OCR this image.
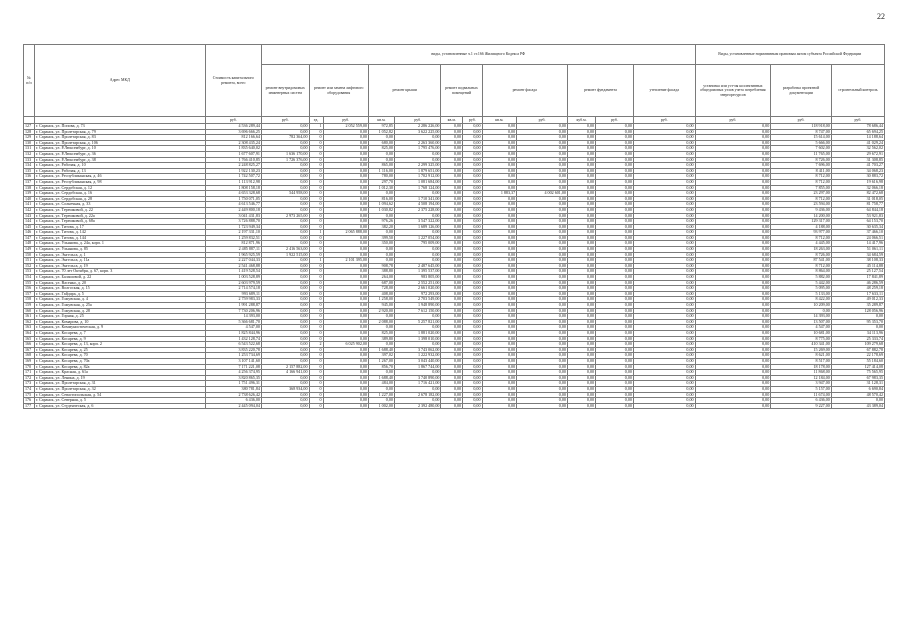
22
№ п/п	Адрес МКД	Стоимость капитального ремонта, всего	виды, установленные ч.1 ст.166 Жилищного Кодекса РФ												Виды, установленные нормативным правовым актом субъекта Российской Федерации		
			ремонт внутридомовых инженерных систем	ремонт или замена лифтового оборудования		ремонт крыши		ремонт подвальных помещений		ремонт фасада		ремонт фундамента		утепление фасада	установка или уст-ия коллективных общедомовых узлов учета потребления энергоресурсов	разработка проектной документации	строительный контроль
		руб.	руб.	ед.	руб.	кв.м.	руб.	кв.м.	руб.	кв.м.	руб.	куб.м.	руб.	руб.	руб.	руб.	руб.
127	г. Саранск, ул. Попова, д. 73	4 536 289,44	0,00	1	2 052 559,00	972,85	2 286 226,00	0,00	0,00	0,00	0,00	0,00	0,00	0,00	0,00	118 918,00	78 686,44
128	г. Саранск, ул. Пролетарская, д. 79	3 696 666,25	0,00	0	0,00	1 052,82	3 622 225,00	0,00	0,00	0,00	0,00	0,00	0,00	0,00	0,00	8 747,00	65 694,25
129	г. Саранск, ул. Пролетарская, д. 83	812 166,64	782 364,00	0	0,00	0,00	0,00	0,00	0,00	0,00	0,00	0,00	0,00	0,00	0,00	15 614,00	14 188,64
130	г. Саранск, ул. Пролетарская, д. 106	2 308 435,24	0,00	0	0,00	680,00	2 263 360,00	0,00	0,00	0,00	0,00	0,00	0,00	0,00	0,00	5 666,00	41 029,24
131	г. Саранск, ул. Р.Люксембург, д. 10	1 835 640,02	0,00	0	0,00	825,00	1 795 476,00	0,00	0,00	0,00	0,00	0,00	0,00	0,00	0,00	7 602,00	32 562,02
132	г. Саранск, ул. Р.Люксембург, д. 36	1 677 607,91	1 636 170,00	0	0,00	0,00	0,00	0,00	0,00	0,00	0,00	0,00	0,00	0,00	0,00	11 765,00	29 672,91
133	г. Саранск, ул. Р.Люксембург, д. 38	1 766 410,85	1 726 376,00	0	0,00	0,00	0,00	0,00	0,00	0,00	0,00	0,00	0,00	0,00	0,00	8 726,00	31 308,85
134	г. Саранск, ул. Рабочая, д. 10	2 248 825,27	0,00	0	0,00	865,00	2 299 325,00	0,00	0,00	0,00	0,00	0,00	0,00	0,00	0,00	7 696,00	41 703,27
135	г. Саранск, ул. Рабочая, д. 13	1 922 130,23	0,00	0	0,00	1 116,00	1 879 651,00	0,00	0,00	0,00	0,00	0,00	0,00	0,00	0,00	8 411,00	34 068,23
136	г. Саранск, ул. Республиканская, д. 46	1 742 507,72	0,00	0	0,00	780,00	1 702 912,00	0,00	0,00	0,00	0,00	0,00	0,00	0,00	0,00	8 712,00	30 883,72
137	г. Саранск, ул. Республиканская, д. 98	1 113 912,98	0,00	0	0,00	297,70	1 081 684,00	0,00	0,00	0,00	0,00	0,00	0,00	0,00	0,00	8 712,00	19 616,98
138	г. Саранск, ул. Сердобская, д. 12	1 808 158,18	0,00	0	0,00	1 012,30	1 768 124,00	0,00	0,00	0,00	0,00	0,00	0,00	0,00	0,00	7 855,00	32 066,18
139	г. Саранск, ул. Сердобская, д. 16	4 653 328,68	544 958,00	0	0,00	0,00	0,00	0,00	0,00	1 883,37	4 002 601,00	0,00	0,00	0,00	0,00	23 297,00	82 472,68
140	г. Саранск, ул. Сердобская, д. 28	1 750 071,05	0,00	0	0,00	816,00	1 710 341,00	0,00	0,00	0,00	0,00	0,00	0,00	0,00	0,00	8 712,00	31 018,05
141	г. Саранск, ул. Солнечная, д. 33	4 613 546,77	0,00	0	0,00	1 094,62	4 508 194,00	0,00	0,00	0,00	0,00	0,00	0,00	0,00	0,00	23 594,00	81 758,77
142	г. Саранск, ул. Терешковой, д. 22	2 449 800,18	0,00	0	0,00	1 030,82	2 375 228,00	0,00	0,00	0,00	0,00	0,00	0,00	0,00	0,00	9 436,00	64 844,18
143	г. Саранск, ул. Терешковой, д. 22а	3 041 431,83	2 973 265,00	0	0,00	0,00	0,00	0,00	0,00	0,00	0,00	0,00	0,00	0,00	0,00	14 200,00	53 921,83
144	г. Саранск, ул. Терешковой, д. 68а	3 726 888,70	0,00	0	0,00	976,26	3 547 322,00	0,00	0,00	0,00	0,00	0,00	0,00	0,00	0,00	129 317,00	64 153,70
145	г. Саранск, ул. Титова, д. 17	1 723 949,34	0,00	0	0,00	382,20	1 689 126,00	0,00	0,00	0,00	0,00	0,00	0,00	0,00	0,00	4 188,00	30 635,34
146	г. Саранск, ул. Титова, д. 142	2 197 331,10	0,00	1	2 065 888,00	0,00	0,00	0,00	0,00	0,00	0,00	0,00	0,00	0,00	0,00	93 977,00	37 466,10
147	г. Саранск, ул. Титова, д. 144	1 259 832,51	0,00	0	0,00	399,50	1 227 054,00	0,00	0,00	0,00	0,00	0,00	0,00	0,00	0,00	8 712,00	24 066,51
148	г. Саранск, ул. Ульянова, д. 24а, корп. 1	812 871,96	0,00	0	0,00	350,00	795 009,00	0,00	0,00	0,00	0,00	0,00	0,00	0,00	0,00	4 445,00	14 417,96
149	г. Саранск, ул. Ульянова, д. 85	2 485 887,11	2 416 563,00	0	0,00	0,00	0,00	0,00	0,00	0,00	0,00	0,00	0,00	0,00	0,00	18 263,00	51 061,11
150	г. Саранск, ул. Энгельса, д. 1	1 965 925,59	1 922 515,00	0	0,00	0,00	0,00	0,00	0,00	0,00	0,00	0,00	0,00	0,00	0,00	8 726,00	34 684,59
151	г. Саранск, ул. Энгельса, д. 11а	2 227 044,33	0,00	1	2 101 395,00	0,00	0,00	0,00	0,00	0,00	0,00	0,00	0,00	0,00	0,00	87 541,00	38 108,33
152	г. Саранск, ул. Энгельса, д. 19	2 541 468,88	0,00	0	0,00	908,78	2 487 645,00	0,00	0,00	0,00	0,00	0,00	0,00	0,00	0,00	8 712,00	45 114,88
153	г. Саранск, ул. 70 лет Октября, д. 67, корп. 3	1 419 528,54	0,00	0	0,00	388,80	1 395 537,00	0,00	0,00	0,00	0,00	0,00	0,00	0,00	0,00	8 864,00	25 127,54
154	г. Саранск, ул. Балашовой, д. 22	1 003 528,89	0,00	0	0,00	264,00	983 805,00	0,00	0,00	0,00	0,00	0,00	0,00	0,00	0,00	5 882,00	17 841,89
155	г. Саранск, ул. Васенко, д. 20	2 603 979,59	0,00	0	0,00	687,00	2 552 251,00	0,00	0,00	0,00	0,00	0,00	0,00	0,00	0,00	5 442,00	46 286,59
156	г. Саранск, ул. Волгоская, д. 15	2 714 574,18	0,00	0	0,00	728,00	2 661 020,00	0,00	0,00	0,00	0,00	0,00	0,00	0,00	0,00	5 095,00	48 259,18
157	г. Саранск, ул. Гайдара, д. 5	993 689,11	0,00	0	0,00	408,00	972 293,00	0,00	0,00	0,00	0,00	0,00	0,00	0,00	0,00	5 133,00	17 633,11
158	г. Саранск, ул. Гожувская, д. 4	2 759 983,33	0,00	0	0,00	1 258,00	2 703 549,00	0,00	0,00	0,00	0,00	0,00	0,00	0,00	0,00	8 422,00	49 012,33
159	г. Саранск, ул. Гожувская, д. 25а	1 991 288,87	0,00	0	0,00	945,00	1 948 890,00	0,00	0,00	0,00	0,00	0,00	0,00	0,00	0,00	10 209,00	35 289,87
160	г. Саранск, ул. Гожувская, д. 28	7 730 206,96	0,00	0	0,00	2 920,00	7 612 150,00	0,00	0,00	0,00	0,00	0,00	0,00	0,00	0,00	0,00	128 056,96
161	г. Саранск, ул. Горная, д. 25	14 393,00	0,00	0	0,00	0,00	0,00	0,00	0,00	0,00	0,00	0,00	0,00	0,00	0,00	14 393,00	0,00
162	г. Саранск, ул. Комарова, д. 10	5 366 681,70	0,00	0	0,00	2 088,00	5 257 821,00	0,00	0,00	0,00	0,00	0,00	0,00	0,00	0,00	13 507,00	95 353,70
163	г. Саранск, ул. Коммунистическая, д. 9	4 547,00	0,00	0	0,00	0,00	0,00	0,00	0,00	0,00	0,00	0,00	0,00	0,00	0,00	4 547,00	0,00
164	г. Саранск, ул. Косарева, д. 7	1 825 844,96	0,00	0	0,00	825,00	1 881 020,00	0,00	0,00	0,00	0,00	0,00	0,00	0,00	0,00	10 681,00	34 113,96
165	г. Саранск, ул. Косарева, д. 9	1 432 128,74	0,00	0	0,00	389,80	1 398 010,00	0,00	0,00	0,00	0,00	0,00	0,00	0,00	0,00	8 775,00	25 333,74
166	г. Саранск, ул. Косарева, д. 13, корп. 2	6 543 522,68	0,00	2	6 025 902,00	0,00	0,00	0,00	0,00	0,00	0,00	0,00	0,00	0,00	0,00	410 341,00	109 279,68
167	г. Саранск, ул. Косарева, д. 25	3 835 220,78	0,00	0	0,00	1 688,40	3 743 062,00	0,00	0,00	0,00	0,00	0,00	0,00	0,00	0,00	15 269,00	67 882,78
168	г. Саранск, ул. Косарева, д. 70	1 253 734,69	0,00	0	0,00	397,02	1 222 932,00	0,00	0,00	0,00	0,00	0,00	0,00	0,00	0,00	8 621,00	22 178,69
169	г. Саранск, ул. Косарева, д. 70а	3 107 141,60	0,00	0	0,00	1 267,00	3 043 440,00	0,00	0,00	0,00	0,00	0,00	0,00	0,00	0,00	8 517,00	55 184,60
170	г. Саранск, ул. Косарева, д. 82а	7 171 221,08	2 157 882,00	0	0,00	856,70	1 867 744,00	0,00	0,00	0,00	0,00	0,00	0,00	0,00	0,00	18 178,00	127 414,08
171	г. Саранск, ул. Красная, д. 61а	4 256 374,95	4 166 941,00	0	0,00	0,00	0,00	0,00	0,00	0,00	0,00	0,00	0,00	0,00	0,00	11 868,00	75 565,95
172	г. Саранск, ул. Ленина, д. 19	3 820 865,35	0,00	0	0,00	1 688,40	3 740 890,00	0,00	0,00	0,00	0,00	0,00	0,00	0,00	0,00	12 184,00	67 983,35
173	г. Саранск, ул. Пролетарская, д. 31	1 751 496,31	0,00	0	0,00	484,00	1 716 421,00	0,00	0,00	0,00	0,00	0,00	0,00	0,00	0,00	3 947,00	31 128,31
174	г. Саранск, ул. Пролетарская, д. 32	380 781,84	368 934,00	0	0,00	0,00	0,00	0,00	0,00	0,00	0,00	0,00	0,00	0,00	0,00	5 157,00	6 690,84
175	г. Саранск, ул. Севастопольская, д. 54	2 738 626,42	0,00	0	0,00	1 227,00	2 678 182,00	0,00	0,00	0,00	0,00	0,00	0,00	0,00	0,00	11 674,00	48 570,42
176	г. Саранск, ул. Северная, д. 5	6 436,00	0,00	0	0,00	0,00	0,00	0,00	0,00	0,00	0,00	0,00	0,00	0,00	0,00	6 436,00	0,00
177	г. Саранск, ул. Студенческая, д. 6	2 445 094,04	0,00	0	0,00	1 002,00	2 392 480,00	0,00	0,00	0,00	0,00	0,00	0,00	0,00	0,00	9 227,00	43 389,04
